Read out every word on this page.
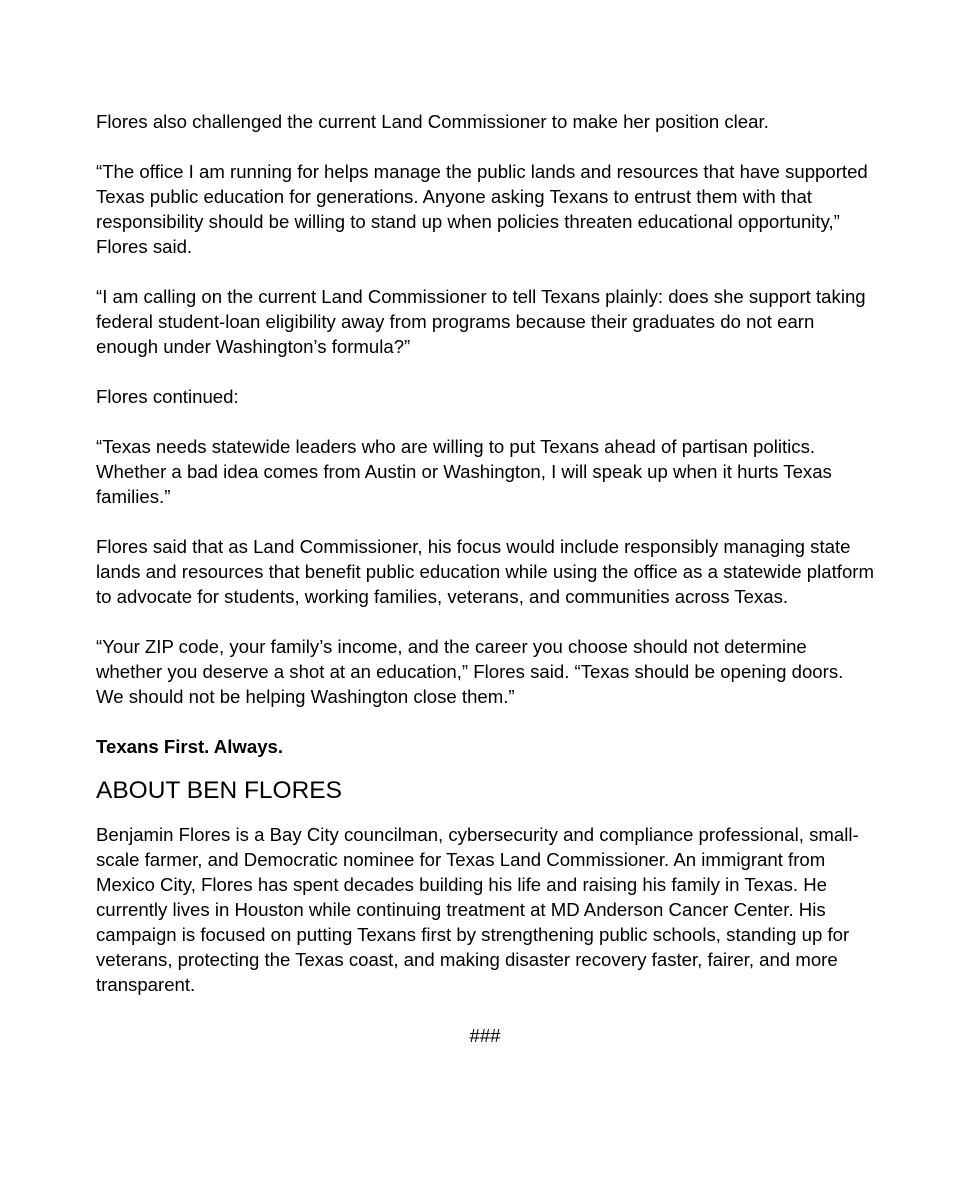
Flores also challenged the current Land Commissioner to make her position clear.

“The office I am running for helps manage the public lands and resources that have supported Texas public education for generations. Anyone asking Texans to entrust them with that responsibility should be willing to stand up when policies threaten educational opportunity,” Flores said.

“I am calling on the current Land Commissioner to tell Texans plainly: does she support taking federal student-loan eligibility away from programs because their graduates do not earn enough under Washington’s formula?”

Flores continued:

“Texas needs statewide leaders who are willing to put Texans ahead of partisan politics. Whether a bad idea comes from Austin or Washington, I will speak up when it hurts Texas families.”

Flores said that as Land Commissioner, his focus would include responsibly managing state lands and resources that benefit public education while using the office as a statewide platform to advocate for students, working families, veterans, and communities across Texas.

“Your ZIP code, your family’s income, and the career you choose should not determine whether you deserve a shot at an education,” Flores said. “Texas should be opening doors. We should not be helping Washington close them.”

Texans First. Always.

ABOUT BEN FLORES

Benjamin Flores is a Bay City councilman, cybersecurity and compliance professional, small-scale farmer, and Democratic nominee for Texas Land Commissioner. An immigrant from Mexico City, Flores has spent decades building his life and raising his family in Texas. He currently lives in Houston while continuing treatment at MD Anderson Cancer Center. His campaign is focused on putting Texans first by strengthening public schools, standing up for veterans, protecting the Texas coast, and making disaster recovery faster, fairer, and more transparent.

###
